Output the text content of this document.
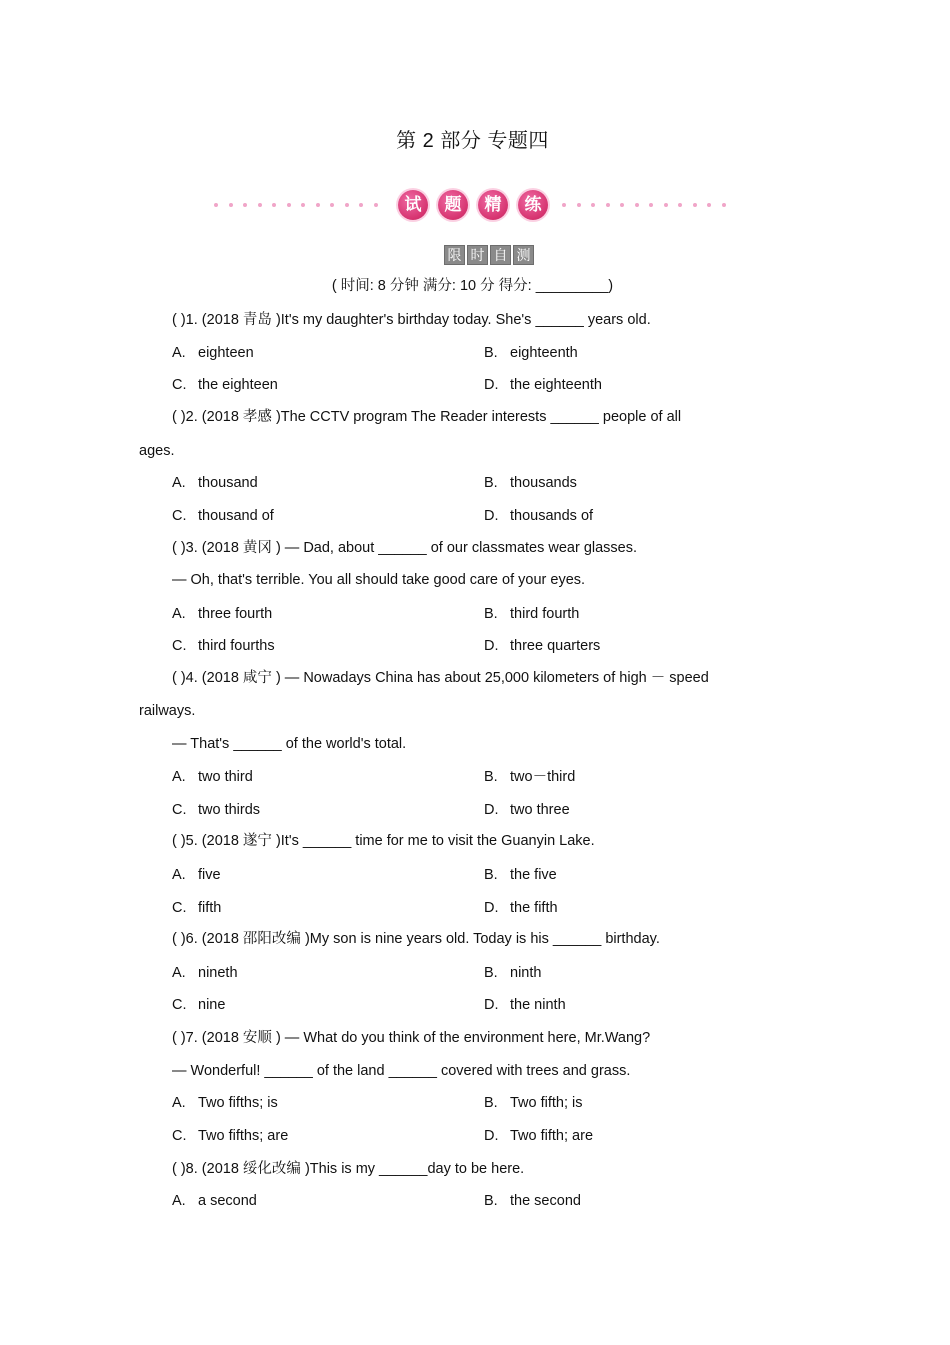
第 2 部分 专题四
试	题	精	练
限 时 自 测
( 时间: 8 分钟 满分: 10 分 得分: _________)
( )1. (2018 青岛 )It's my daughter's birthday today. She's ______ years old.
( )2. (2018 孝感 )The CCTV program The Reader interests ______ people of all
ages.
( )3. (2018 黄冈 ) — Dad, about ______ of our classmates wear glasses.
— Oh, that's terrible. You all should take good care of your eyes.
( )4. (2018 咸宁 ) — Nowadays China has about 25,000 kilometers of high － speed
railways.
— That's ______ of the world's total.
( )5. (2018 遂宁 )It's ______ time for me to visit the Guanyin Lake.
( )6. (2018 邵阳改编 )My son is nine years old. Today is his ______ birthday.
( )7. (2018 安顺 ) — What do you think of the environment here, Mr.Wang?
— Wonderful! ______ of the land ______ covered with trees and grass.
( )8. (2018 绥化改编 )This is my ______day to be here.
A. eighteen	B. eighteenth
C. the eighteen	D. the eighteenth
A. thousand	B. thousands
C. thousand of	D. thousands of
A. three fourth	B. third fourth
C. third fourths	D. three quarters
A. two third	B. two－third
C. two thirds	D. two three
A. five	B. the five
C. fifth	D. the fifth
A. nineth	B. ninth
C. nine	D. the ninth
A. Two fifths; is	B. Two fifth; is
C. Two fifths; are	D. Two fifth; are
A. a second	B. the second
